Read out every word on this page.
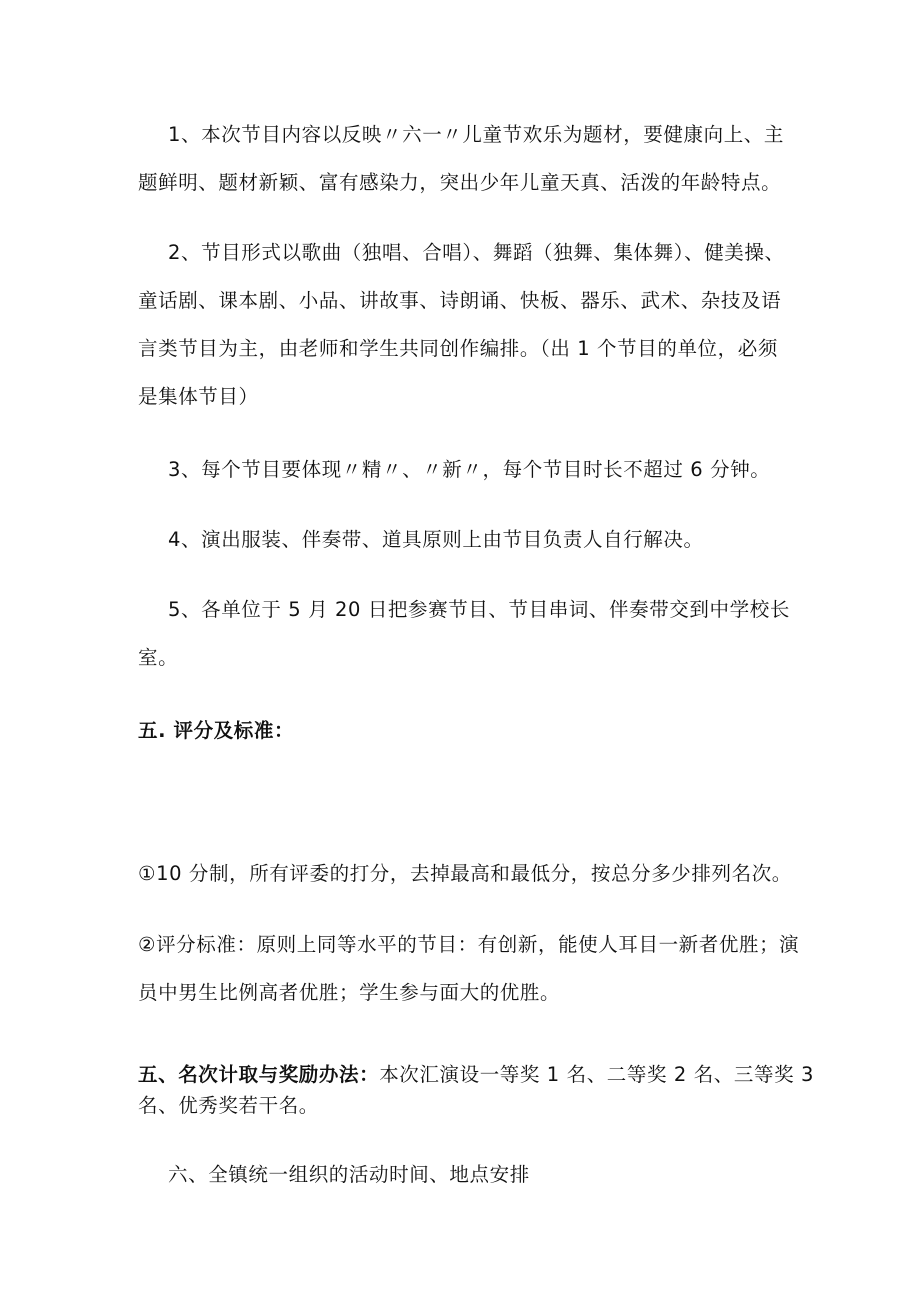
1、本次节目内容以反映〃六一〃儿童节欢乐为题材，要健康向上、主
题鲜明、题材新颖、富有感染力，突出少年儿童天真、活泼的年龄特点。
2、节目形式以歌曲（独唱、合唱）、舞蹈（独舞、集体舞）、健美操、
童话剧、课本剧、小品、讲故事、诗朗诵、快板、器乐、武术、杂技及语
言类节目为主，由老师和学生共同创作编排。（出 1 个节目的单位，必须
是集体节目）
3、每个节目要体现〃精〃、〃新〃，每个节目时长不超过 6 分钟。
4、演出服装、伴奏带、道具原则上由节目负责人自行解决。
5、各单位于 5 月 20 日把参赛节目、节目串词、伴奏带交到中学校长
室。
五. 评分及标准：
①10 分制，所有评委的打分，去掉最高和最低分，按总分多少排列名次。
②评分标准：原则上同等水平的节目：有创新，能使人耳目一新者优胜；演
员中男生比例高者优胜；学生参与面大的优胜。
五、名次计取与奖励办法：本次汇演设一等奖 1 名、二等奖 2 名、三等奖 3
名、优秀奖若干名。
六、全镇统一组织的活动时间、地点安排
